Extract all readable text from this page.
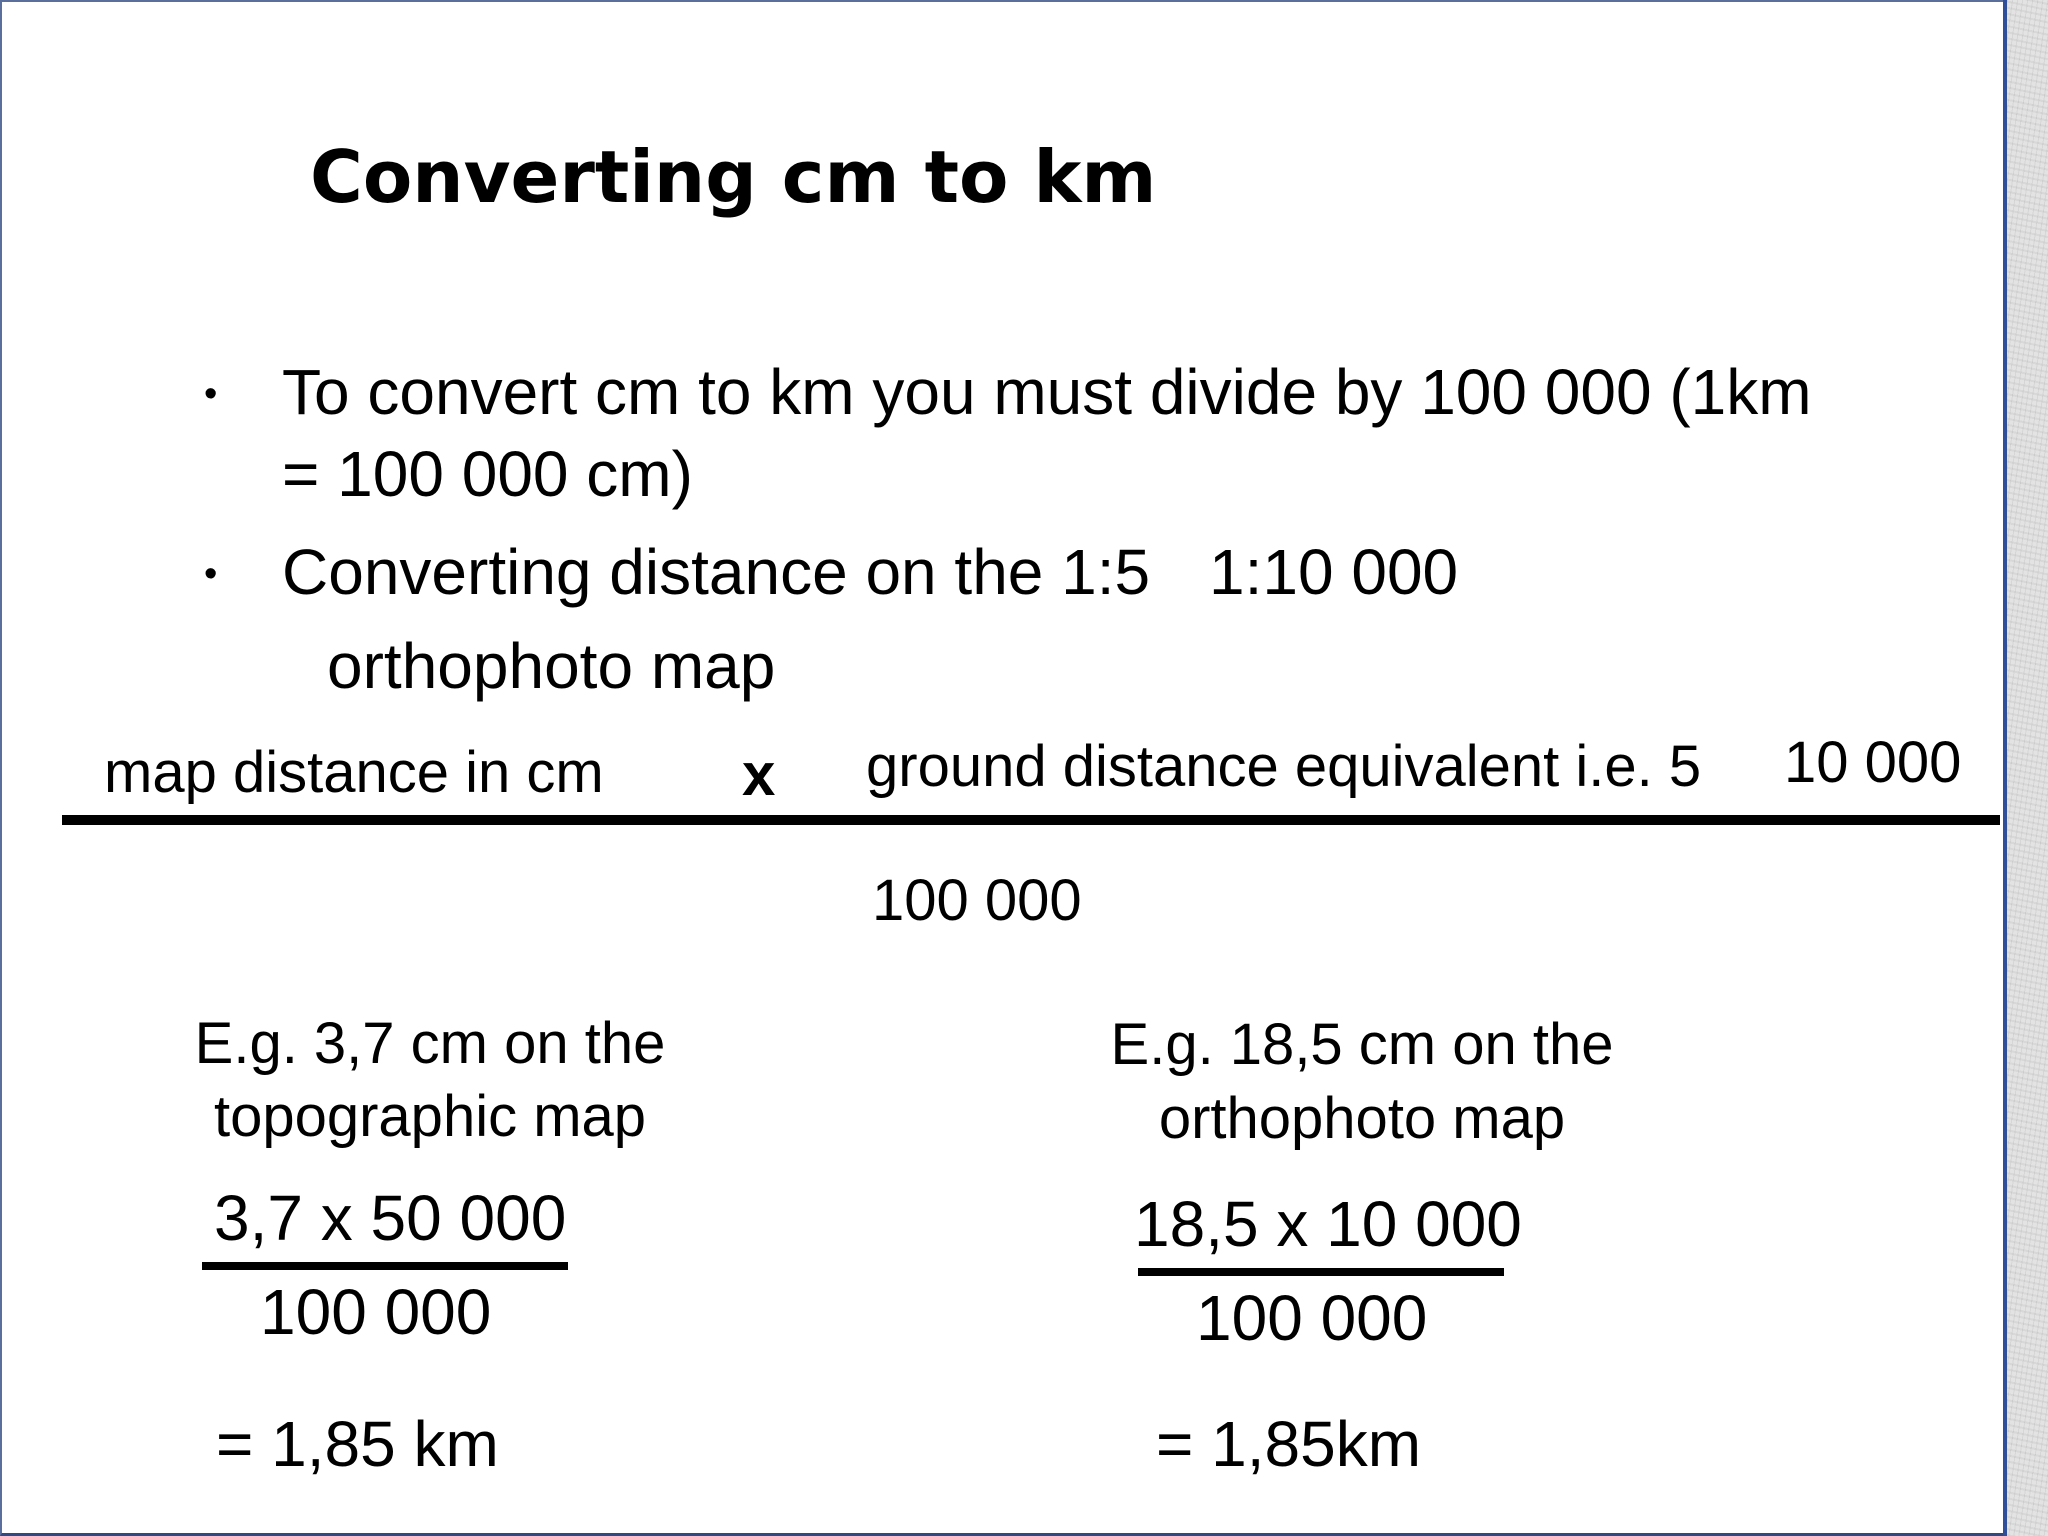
Converting cm to km
• To convert cm to km you must divide by 100 000 (1km
= 100 000 cm)
• Converting distance on the 1:5 1:10 000
orthophoto map
map distance in cm x ground distance equivalent i.e. 5 10 000
100 000
E.g. 3,7 cm on the
topographic map
3,7 x 50 000
100 000
= 1,85 km
E.g. 18,5 cm on the
orthophoto map
18,5 x 10 000
100 000
= 1,85km
